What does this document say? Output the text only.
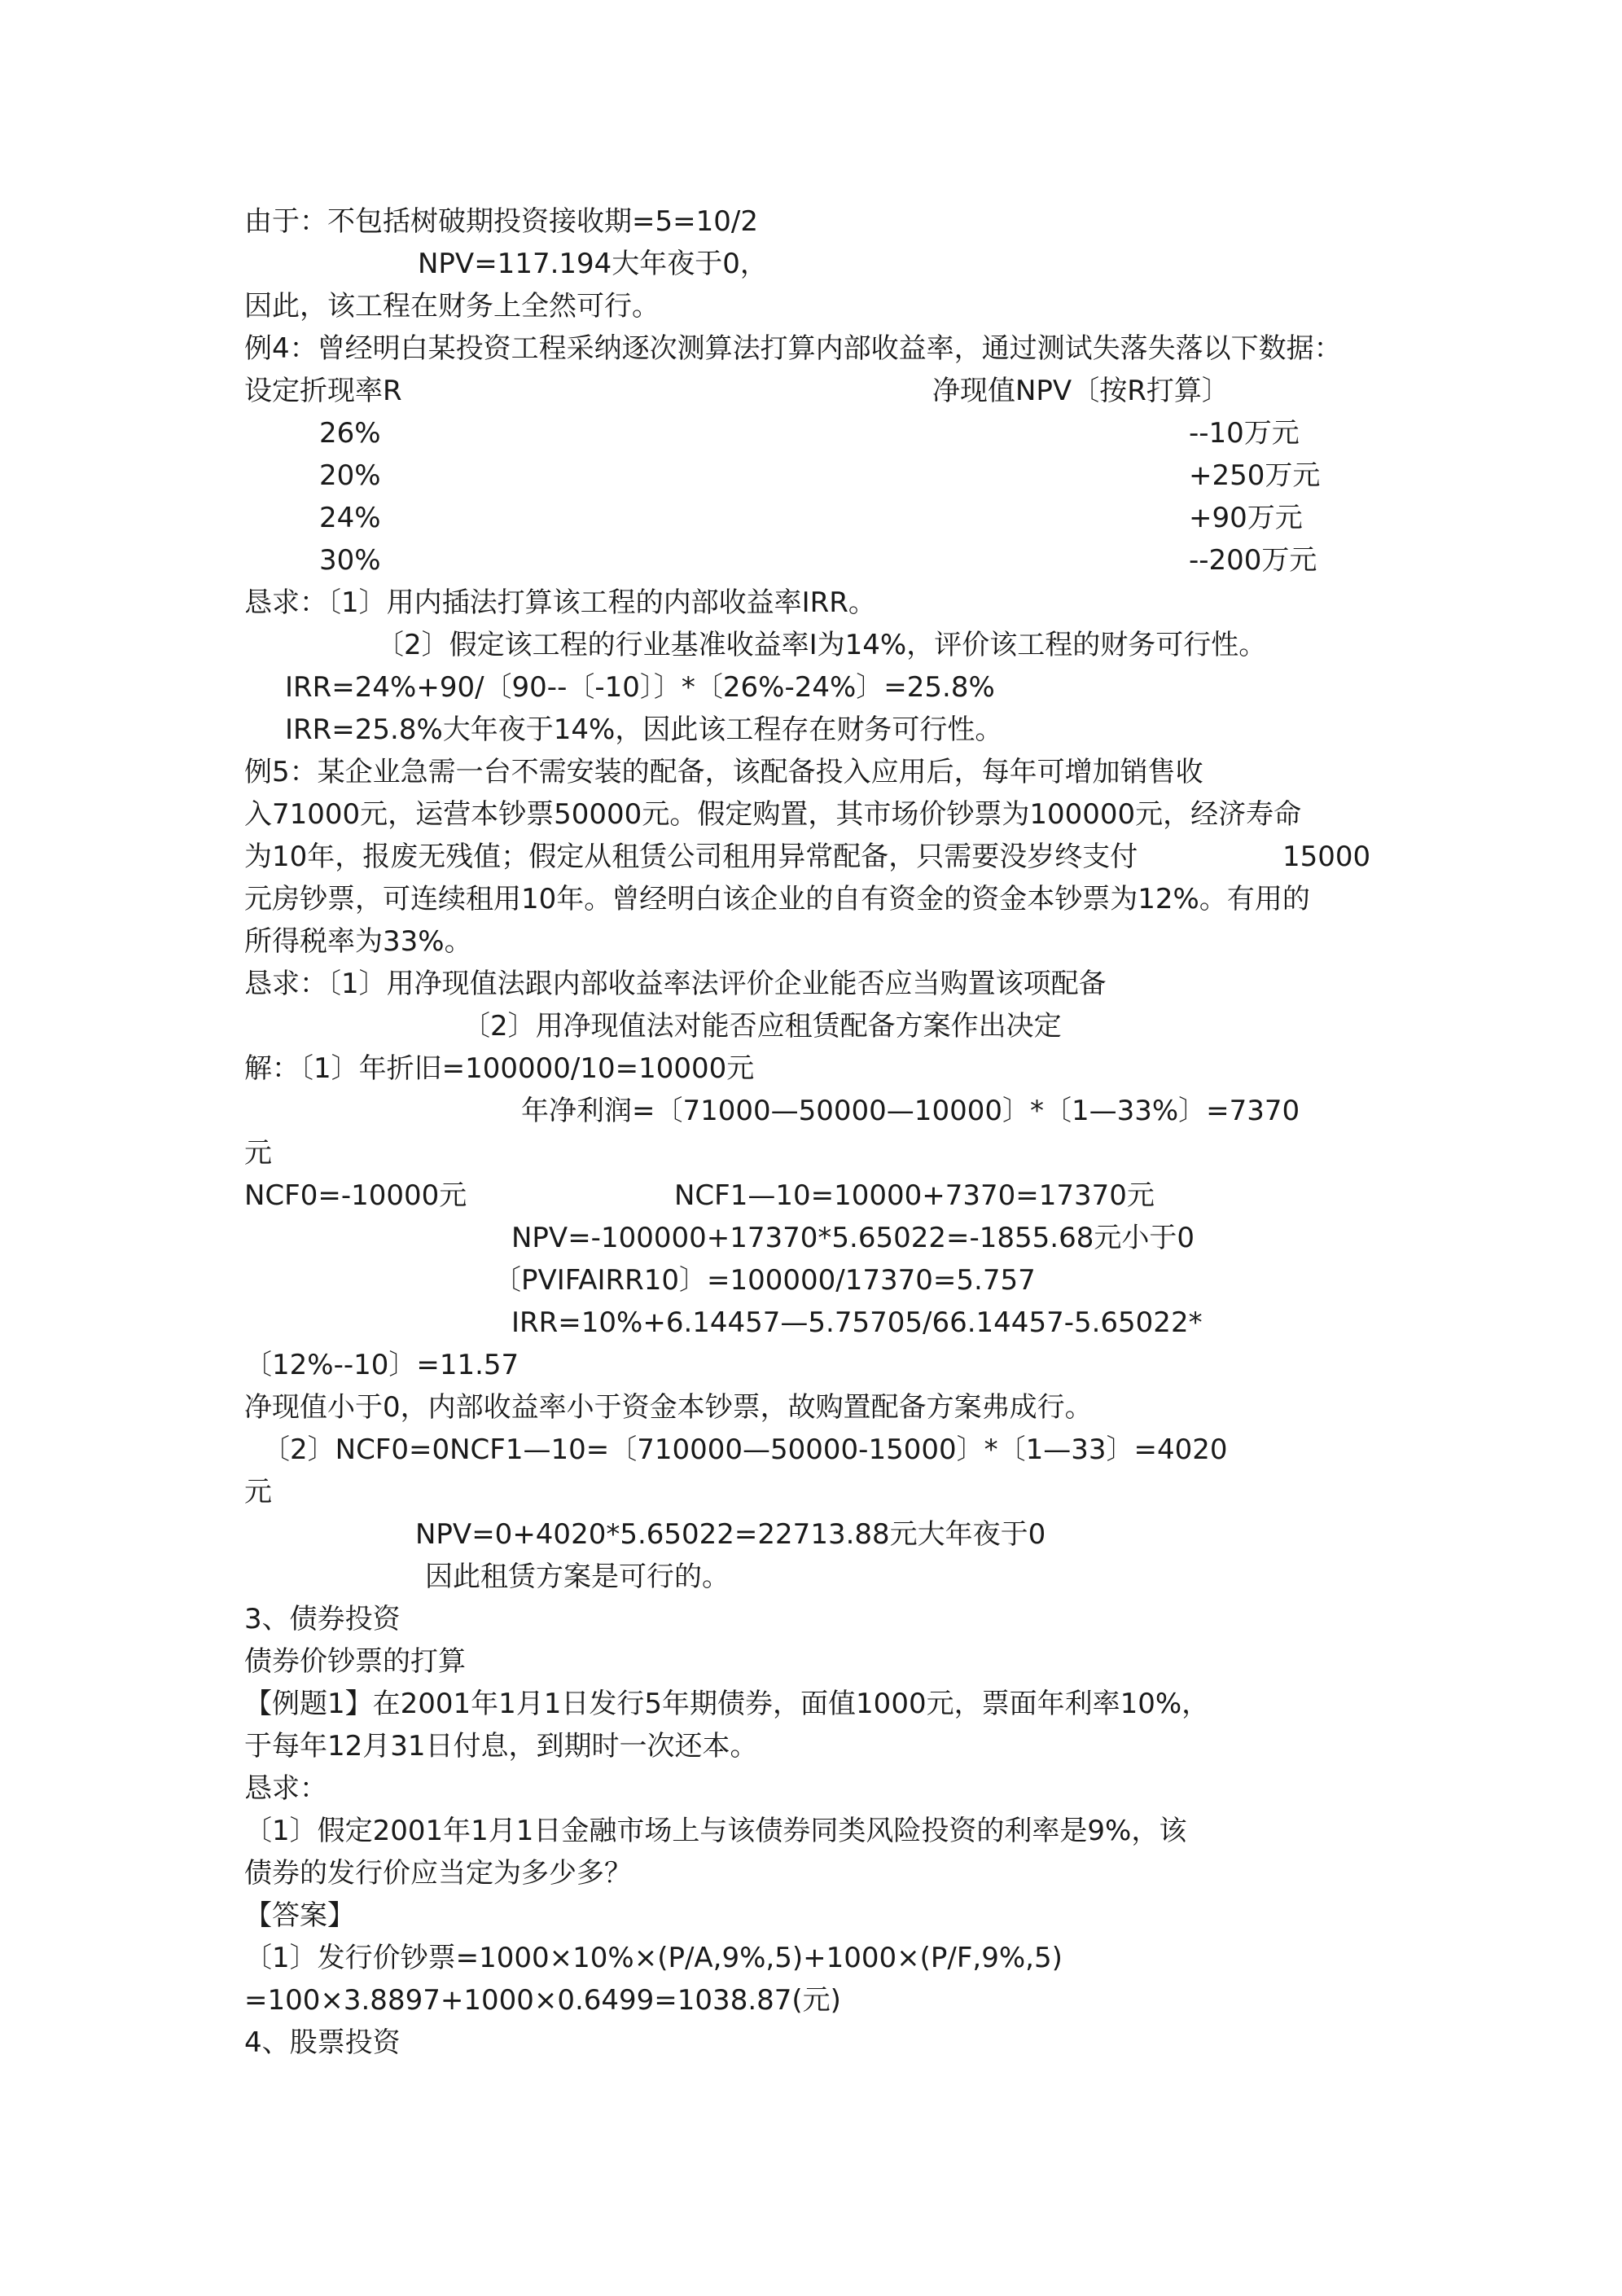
由于：不包括树破期投资接收期=5=10/2
NPV=117.194大年夜于0，
因此，该工程在财务上全然可行。
例4：曾经明白某投资工程采纳逐次测算法打算内部收益率，通过测试失落失落以下数据：
设定折现率R	净现值NPV〔按R打算〕
26%	--10万元
20%	+250万元
24%	+90万元
30%	--200万元
恳求：〔1〕用内插法打算该工程的内部收益率IRR。
〔2〕假定该工程的行业基准收益率I为14%，评价该工程的财务可行性。
IRR=24%+90/〔90--〔-10〕〕*〔26%-24%〕=25.8%
IRR=25.8%大年夜于14%，因此该工程存在财务可行性。
例5：某企业急需一台不需安装的配备，该配备投入应用后，每年可增加销售收
入71000元，运营本钞票50000元。假定购置，其市场价钞票为100000元，经济寿命
为10年，报废无残值；假定从租赁公司租用异常配备，只需要没岁终支付	15000
元房钞票，可连续租用10年。曾经明白该企业的自有资金的资金本钞票为12%。有用的
所得税率为33%。
恳求：〔1〕用净现值法跟内部收益率法评价企业能否应当购置该项配备
〔2〕用净现值法对能否应租赁配备方案作出决定
解：〔1〕年折旧=100000/10=10000元
年净利润=〔71000—50000—10000〕*〔1—33%〕=7370
元
NCF0=-10000元	NCF1—10=10000+7370=17370元
NPV=-100000+17370*5.65022=-1855.68元小于0
〔PVIFAIRR10〕=100000/17370=5.757
IRR=10%+6.14457—5.75705/66.14457-5.65022*
〔12%--10〕=11.57
净现值小于0，内部收益率小于资金本钞票，故购置配备方案弗成行。
〔2〕NCF0=0NCF1—10=〔710000—50000-15000〕*〔1—33〕=4020
元
NPV=0+4020*5.65022=22713.88元大年夜于0
因此租赁方案是可行的。
3、债券投资
债券价钞票的打算
【例题1】在2001年1月1日发行5年期债券，面值1000元，票面年利率10%，
于每年12月31日付息，到期时一次还本。
恳求：
〔1〕假定2001年1月1日金融市场上与该债券同类风险投资的利率是9%，该
债券的发行价应当定为多少多？
【答案】
〔1〕发行价钞票=1000×10%×(P/A,9%,5)+1000×(P/F,9%,5)
=100×3.8897+1000×0.6499=1038.87(元)
4、股票投资
